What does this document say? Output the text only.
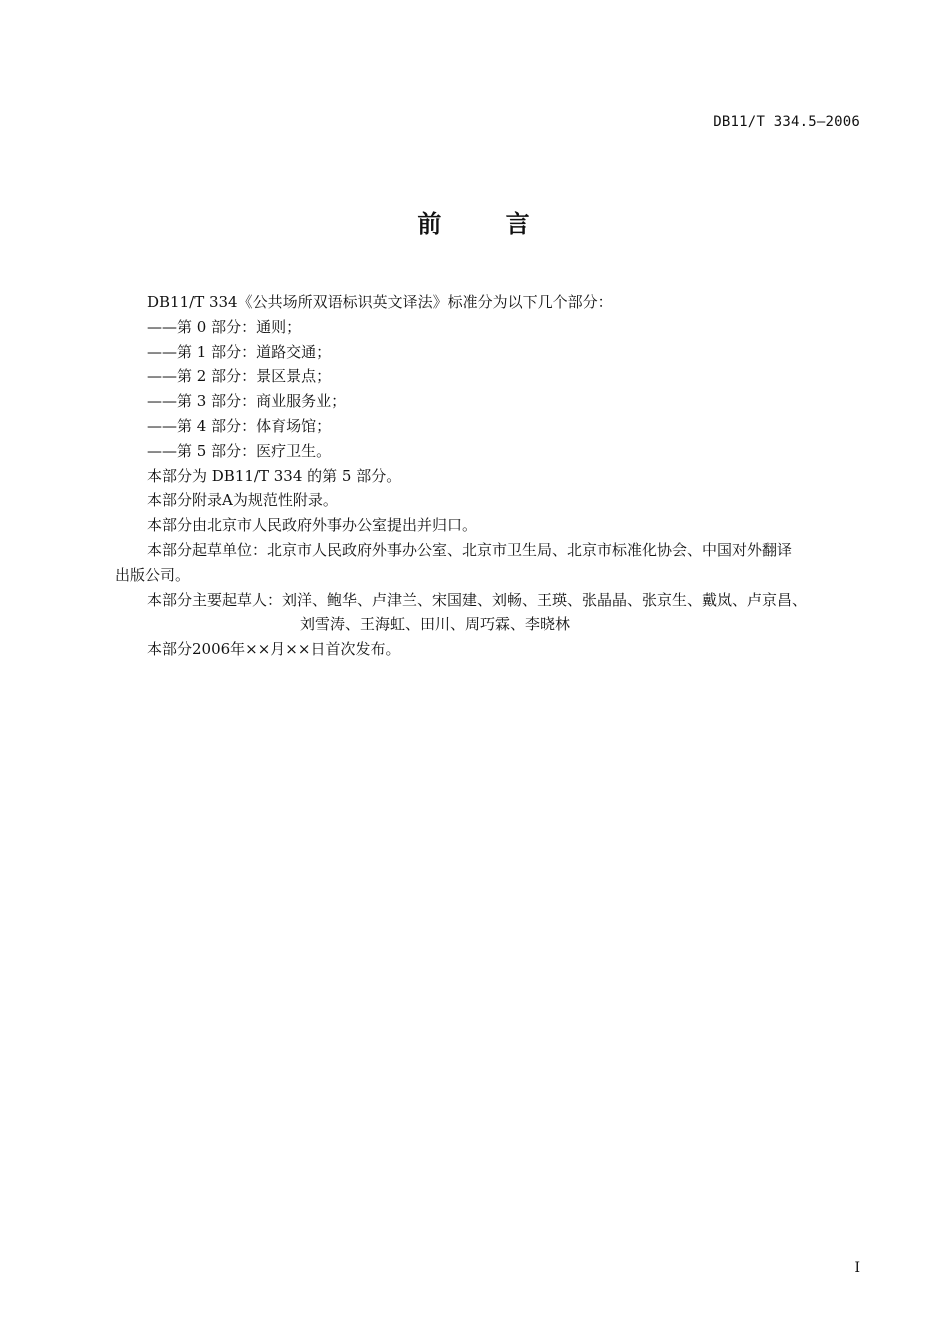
DB11/T 334.5—2006
前 言

DB11/T 334《公共场所双语标识英文译法》标准分为以下几个部分：

——第 0 部分：通则；

——第 1 部分：道路交通；

——第 2 部分：景区景点；

——第 3 部分：商业服务业；

——第 4 部分：体育场馆；

——第 5 部分：医疗卫生。

本部分为 DB11/T 334 的第 5 部分。

本部分附录A为规范性附录。

本部分由北京市人民政府外事办公室提出并归口。

本部分起草单位：北京市人民政府外事办公室、北京市卫生局、北京市标准化协会、中国对外翻译

出版公司。

本部分主要起草人：刘洋、鲍华、卢津兰、宋国建、刘畅、王瑛、张晶晶、张京生、戴岚、卢京昌、

刘雪涛、王海虹、田川、周巧霖、李晓林

本部分2006年××月××日首次发布。

I
